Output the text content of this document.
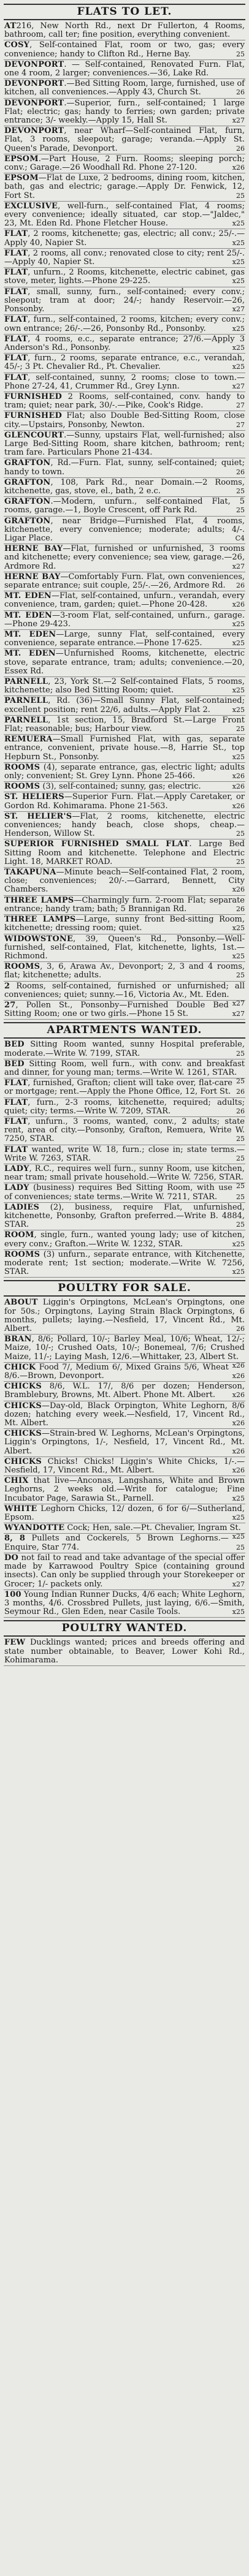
FLATS TO LET.

AT216, New North Rd., next Dr Fullerton, 4 Rooms, bathroom, call ter; fine position, everything convenient.

COSY, Self-contained Flat, room or two, gas; every convenience; handy to Clifton Rd., Herne Bay.	25

DEVONPORT. — Self-contained, Renovated Furn. Flat, one 4 room, 2 larger; conveniences.—36, Lake Rd.

DEVONPORT.—Bed Sitting Room, large, furnished, use of kitchen, all conveniences.—Apply 43, Church St.	26

DEVONPORT.—Superior, furn., self-contained; 1 large Flat; electric; gas; handy to ferries; own garden; private entrance; 3/- weekly.—Apply 15, Hall St.	x27

DEVONPORT, near Wharf—Self-contained Flat, furn, Flat, 3 rooms, sleepout; garage; veranda.—Apply St. Queen's Parade, Devonport.	26

EPSOM.—Part House, 2 Furn. Rooms; sleeping porch; conv.; Garage.—26 Woodhall Rd. Phone 27-120.	x26

EPSOM—Flat de Luxe, 2 bedrooms, dining room, kitchen, bath, gas and electric; garage.—Apply Dr. Fenwick, 12, Fort St.	25

EXCLUSIVE, well-furn., self-contained Flat, 4 rooms; every convenience; ideally situated, car stop.—"Jaldec," 23, Mt. Eden Rd. Phone Fletcher House.	x25

FLAT, 2 rooms, kitchenette; gas, electric; all conv.; 25/-.—Apply 40, Napier St.	x25

FLAT, 2 rooms, all conv.; renovated close to city; rent 25/-.—Apply 40, Napier St.	x25

FLAT, unfurn., 2 Rooms, kitchenette, electric cabinet, gas stove, meter, lights.—Phone 29-225.	x25

FLAT, small, sunny, furn., self-contained; every conv.; sleepout; tram at door; 24/-; handy Reservoir.—26, Ponsonby.	x27

FLAT, furn., self-contained, 2 rooms, kitchen; every conv.; own entrance; 26/-.—26, Ponsonby Rd., Ponsonby.	x25

FLAT, 4 rooms, e.c., separate entrance; 27/6.—Apply 3 Anderson's Rd., Ponsonby.	x25

FLAT, furn., 2 rooms, separate entrance, e.c., verandah, 45/-; 3 Pt. Chevalier Rd., Pt. Chevalier.	x25

FLAT, self-contained, sunny, 2 rooms; close to town.—Phone 27-24, 41, Crummer Rd., Grey Lynn.	x27

FURNISHED 2 Rooms, self-contained, conv. handy to tram; quiet; near park, 30/-.—Pike, Cook's Ridge.	27

FURNISHED Flat; also Double Bed-Sitting Room, close city.—Upstairs, Ponsonby, Newton.	27

GLENCOURT.—Sunny, upstairs Flat, well-furnished; also Large Bed-Sitting Room, share kitchen, bathroom; rent; tram fare. Particulars Phone 21-434.

GRAFTON, Rd.—Furn. Flat, sunny, self-contained; quiet; handy to town.	26

GRAFTON, 108, Park Rd., near Domain.—2 Rooms, kitchenette, gas, stove, el., bath, 2 e.c.	25

GRAFTON.—Modern, unfurn., self-contained Flat, 5 rooms, garage.—1, Boyle Crescent, off Park Rd.	25

GRAFTON, near Bridge—Furnished Flat, 4 rooms, kitchenette, every convenience; moderate; adults; 4/-. Ligar Place.	C4

HERNE BAY—Flat, furnished or unfurnished, 3 rooms and kitchenette; every convenience; sea view, garage.—26, Ardmore Rd.	x27

HERNE BAY—Comfortably Furn. Flat, own conveniences, separate entrance; suit couple, 25/-.—26, Ardmore Rd. 26

MT. EDEN—Flat, self-contained, unfurn., verandah, every convenience, tram, garden; quiet.—Phone 20-428.	x26

MT. EDEN—3-room Flat, self-contained, unfurn., garage.—Phone 29-423.	x25

MT. EDEN—Large, sunny Flat, self-contained, every convenience, separate entrance.—Phone 17-625.	x25

MT. EDEN—Unfurnished Rooms, kitchenette, electric stove, separate entrance, tram; adults; convenience.—20, Essex Rd.

PARNELL, 23, York St.—2 Self-contained Flats, 5 rooms, kitchenette; also Bed Sitting Room; quiet.	x25

PARNELL, Rd. (36)—Small Sunny Flat, self-contained; excellent position; rent 22/6, adults.—Apply Flat 2.	x25

PARNELL, 1st section, 15, Bradford St.—Large Front Flat; reasonable; bus; Harbour view.	25

REMUERA—Small Furnished Flat, with gas, separate entrance, convenient, private house.—8, Harrie St., top Hepburn St., Ponsonby.	x25

ROOMS (4), separate entrance, gas, electric light; adults only; convenient; St. Grey Lynn. Phone 25-466.	x26

ROOMS (3), self-contained; sunny, gas; electric.	x26

ST. HELIERS—Superior Furn. Flat.—Apply Caretaker, or Gordon Rd. Kohimarama. Phone 21-563.	x26

ST. HELIER'S—Flat, 2 rooms, kitchenette, electric conveniences; handy beach, close shops, cheap.—Henderson, Willow St.	25

SUPERIOR FURNISHED SMALL FLAT. Large Bed Sitting Room and kitchenette. Telephone and Electric Light. 18, MARKET ROAD.	25

TAKAPUNA—Minute beach—Self-contained Flat, 2 room, close; conveniences; 20/-.—Garrard, Bennett, City Chambers.	x26

THREE LAMPS—Charmingly furn. 2-room Flat; separate entrance; handy tram; bath; 5 Brannigan Rd.	26

THREE LAMPS—Large, sunny front Bed-sitting Room, kitchenette; dressing room; quiet.	x25

WIDOWSTONE, 39, Queen's Rd., Ponsonby.—Well-furnished, self-contained, Flat, kitchenette, lights, 1st.—Richmond.	x25

ROOMS, 3, 6, Arawa Av., Devonport; 2, 3 and 4 rooms, flat; kitchenette; adults.	25

2 Rooms, self-contained, furnished or unfurnished; all conveniences; quiet; sunny.—16, Victoria Av., Mt. Eden.
x27

27, Pollen St., Ponsonby—Furnished Double Bed Sitting Room; one or two girls.—Phone 15 St.	x27

APARTMENTS WANTED.

BED Sitting Room wanted, sunny Hospital preferable, moderate.—Write W. 7199, STAR.	25

BED Sitting Room, well furn., with conv. and breakfast and dinner, for young man; terms.—Write W. 1261, STAR.
25

FLAT, furnished, Grafton; client will take over, flat-care or mortgage; rent.—Apply the Phone Office, 12, Fort St. 26

FLAT, furn., 2-3 rooms, kitchenette, required; adults; quiet; city; terms.—Write W. 7209, STAR.	26

FLAT, unfurn., 3 rooms, wanted, conv., 2 adults; state rent, area of city.—Ponsonby, Grafton, Remuera, Write W. 7250, STAR.	25

FLAT wanted, write W. 18, furn.; close in; state terms.—Write W. 7263, STAR.	25

LADY, R.C., requires well furn., sunny Room, use kitchen, near tram; small private household.—Write W. 7256, STAR.
25

LADY (business) requires Bed Sitting Room, with use of conveniences; state terms.—Write W. 7211, STAR.	25

LADIES (2), business, require Flat, unfurnished, kitchenette, Ponsonby, Grafton preferred.—Write B. 4884, STAR.	25

ROOM, single, furn., wanted young lady; use of kitchen, every conv.; Grafton.—Write W. 1232, STAR.	x25

ROOMS (3) unfurn., separate entrance, with Kitchenette, moderate rent; 1st section; moderate.—Write W. 7256, STAR.	x25

POULTRY FOR SALE.

ABOUT Liggin's Orpingtons, McLean's Orpingtons, one for 50s.; Orpingtons, Laying Strain Black Orpingtons, 6 months, pullets; laying.—Nesfield, 17, Vincent Rd., Mt. Albert.	26

BRAN, 8/6; Pollard, 10/-; Barley Meal, 10/6; Wheat, 12/-; Maize, 10/-; Crushed Oats, 10/-; Bonemeal, 7/6; Crushed Maize, 11/-; Laying Mash, 12/6.—Whittaker, 23, Albert St.
x26

CHICK Food 7/, Medium 6/, Mixed Grains 5/6, Wheat 8/6.—Brown, Devonport.	x26

CHICKS 8/6, W.L. 17/, 8/6 per dozen; Henderson, Bramblebury, Browns, Mt. Albert. Phone Mt. Albert.	x26

CHICKS—Day-old, Black Orpington, White Leghorn, 8/6 dozen; hatching every week.—Nesfield, 17, Vincent Rd., Mt. Albert.	x26

CHICKS—Strain-bred W. Leghorns, McLean's Orpingtons, Liggin's Orpingtons, 1/-, Nesfield, 17, Vincent Rd., Mt. Albert.	x26

CHICKS Chicks! Chicks! Liggin's White Chicks, 1/-.—Nesfield, 17, Vincent Rd., Mt. Albert.	x26

CHIX that live—Anconas, Langshans, White and Brown Leghorns, 2 weeks old.—Write for catalogue; Fine Incubator Page, Sarawia St., Parnell.	x25

WHITE Leghorn Chicks, 12/ dozen, 6 for 6/—Sutherland, Epsom.	x25

WYANDOTTE Cock; Hen, sale.—Pt. Chevalier, Ingram St.
x25

8, 8 Pullets and Cockerels, 5 Brown Leghorns.—Enquire, Star 774.	25

DO not fail to read and take advantage of the special offer made by Karrawood Poultry Spice (containing ground insects). Can only be supplied through your Storekeeper or Grocer; 1/- packets only.	x27

100 Young Indian Runner Ducks, 4/6 each; White Leghorn, 3 months, 4/6. Crossbred Pullets, just laying, 6/6.—Smith, Seymour Rd., Glen Eden, near Casile Tools.	x25

POULTRY WANTED.

FEW Ducklings wanted; prices and breeds offering and state number obtainable, to Beaver, Lower Kohi Rd., Kohimarama.
